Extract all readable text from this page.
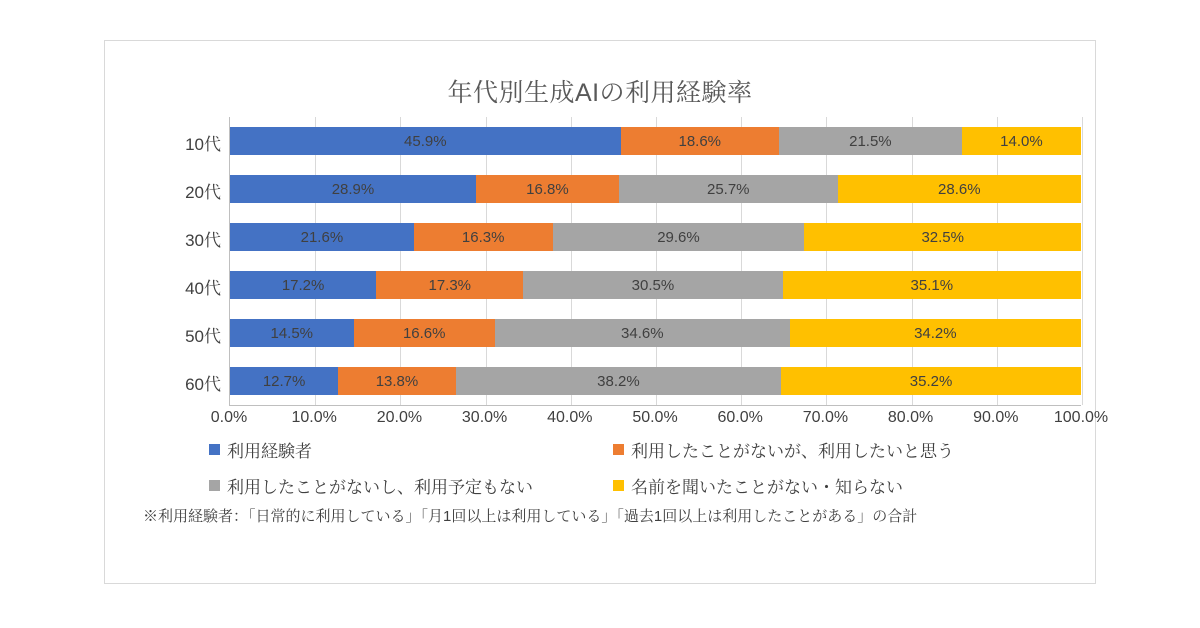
年代別生成AIの利用経験率
10代
20代
30代
40代
50代
60代
45.9%	18.6%	21.5%	14.0%
28.9%	16.8%	25.7%	28.6%
21.6%	16.3%	29.6%	32.5%
17.2%	17.3%	30.5%	35.1%
14.5%	16.6%	34.6%	34.2%
12.7%	13.8%	38.2%	35.2%
0.0%	10.0% 20.0% 30.0% 40.0% 50.0% 60.0% 70.0% 80.0% 90.0% 100.0%
利用経験者	利用したことがないが、利用したいと思う
利用したことがないし、利用予定もない	名前を聞いたことがない・知らない
※利用経験者：「日常的に利用している」「月1回以上は利用している」「過去1回以上は利用したことがある」の合計
